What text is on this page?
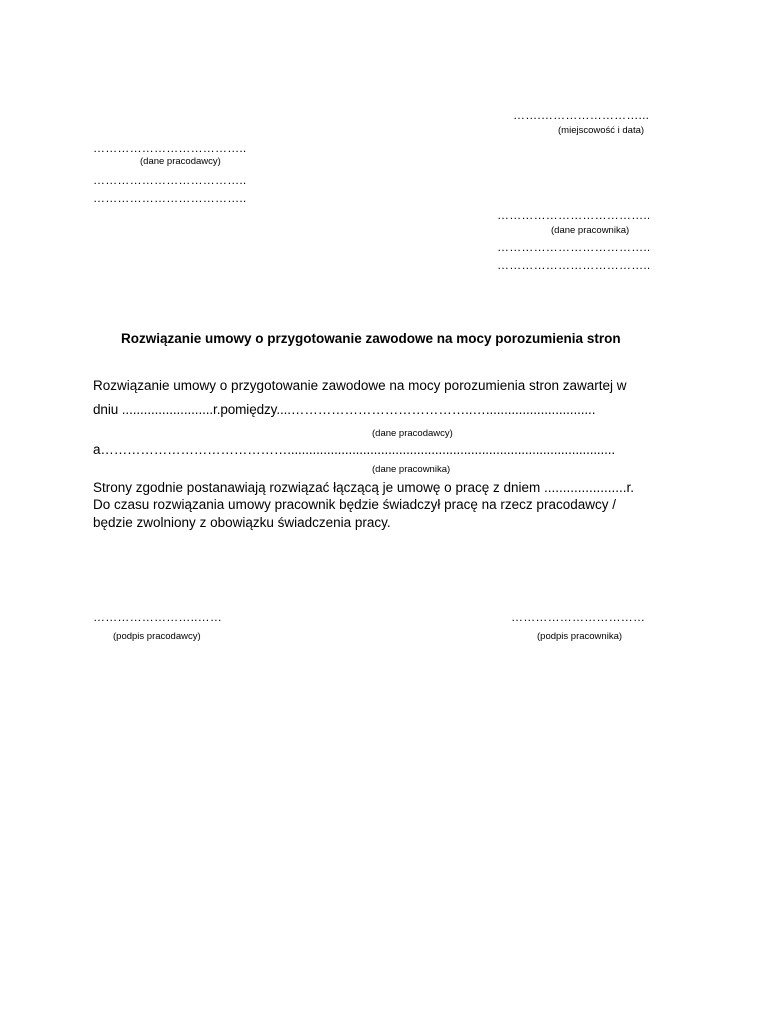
…….……………………...
(miejscowość i data)
………………………………..
(dane pracodawcy)
………………………………..
………………………………..
………………………………..
(dane pracownika)
………………………………..
………………………………..
Rozwiązanie umowy o przygotowanie zawodowe na mocy porozumienia stron
Rozwiązanie umowy o przygotowanie zawodowe na mocy porozumienia stron zawartej w
dniu .........................r.pomiędzy....…………………………………..…..............................
(dane pracodawcy)
a……………………………………...........................................................................................
(dane pracownika)
Strony zgodnie postanawiają rozwiązać łączącą je umowę o pracę z dniem ......................r.
Do czasu rozwiązania umowy pracownik będzie świadczył pracę na rzecz pracodawcy /
będzie zwolniony z obowiązku świadczenia pracy.
……………………..……
(podpis pracodawcy)
……………………………
(podpis pracownika)
